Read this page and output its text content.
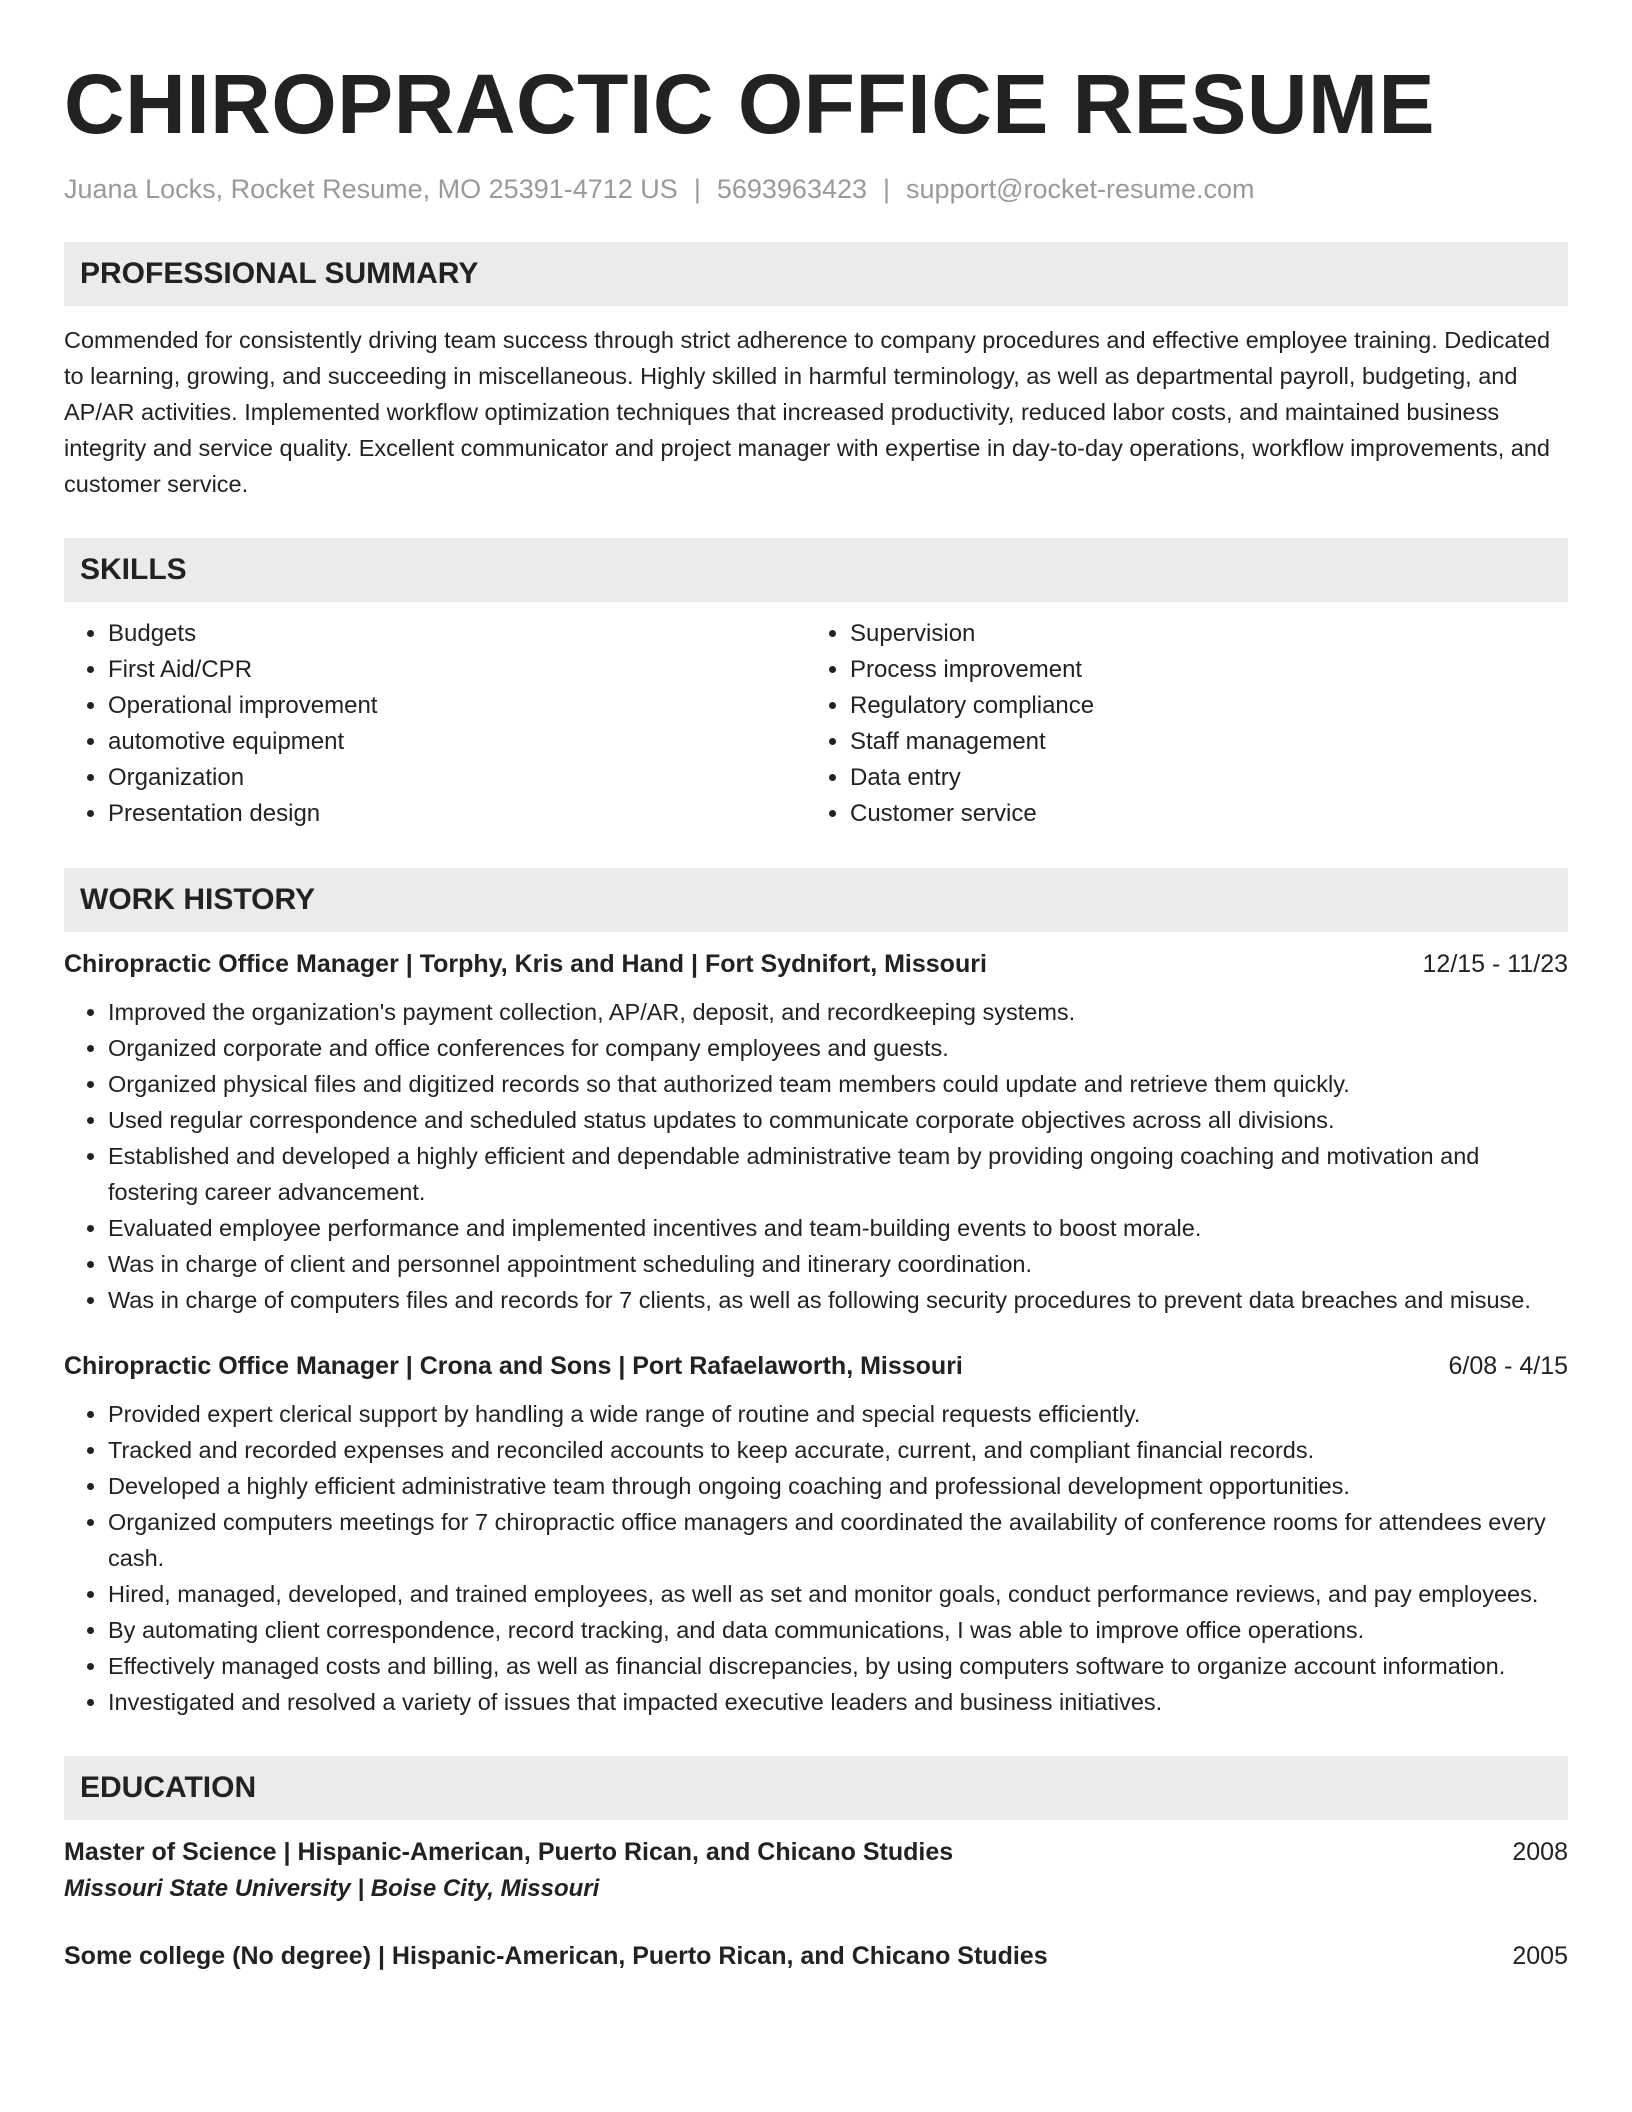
CHIROPRACTIC OFFICE RESUME
Juana Locks, Rocket Resume, MO 25391-4712 US | 5693963423 | support@rocket-resume.com
PROFESSIONAL SUMMARY

Commended for consistently driving team success through strict adherence to company procedures and effective employee training. Dedicated to learning, growing, and succeeding in miscellaneous. Highly skilled in harmful terminology, as well as departmental payroll, budgeting, and AP/AR activities. Implemented workflow optimization techniques that increased productivity, reduced labor costs, and maintained business integrity and service quality. Excellent communicator and project manager with expertise in day-to-day operations, workflow improvements, and customer service.

SKILLS
• Budgets
• First Aid/CPR
• Operational improvement
• automotive equipment
• Organization
• Presentation design
• Supervision
• Process improvement
• Regulatory compliance
• Staff management
• Data entry
• Customer service
WORK HISTORY
Chiropractic Office Manager | Torphy, Kris and Hand | Fort Sydnifort, Missouri	12/15 - 11/23
• Improved the organization's payment collection, AP/AR, deposit, and recordkeeping systems.
• Organized corporate and office conferences for company employees and guests.
• Organized physical files and digitized records so that authorized team members could update and retrieve them quickly.
• Used regular correspondence and scheduled status updates to communicate corporate objectives across all divisions.
• Established and developed a highly efficient and dependable administrative team by providing ongoing coaching and motivation and fostering career advancement.
• Evaluated employee performance and implemented incentives and team-building events to boost morale.
• Was in charge of client and personnel appointment scheduling and itinerary coordination.
• Was in charge of computers files and records for 7 clients, as well as following security procedures to prevent data breaches and misuse.
Chiropractic Office Manager | Crona and Sons | Port Rafaelaworth, Missouri	6/08 - 4/15
• Provided expert clerical support by handling a wide range of routine and special requests efficiently.
• Tracked and recorded expenses and reconciled accounts to keep accurate, current, and compliant financial records.
• Developed a highly efficient administrative team through ongoing coaching and professional development opportunities.
• Organized computers meetings for 7 chiropractic office managers and coordinated the availability of conference rooms for attendees every cash.
• Hired, managed, developed, and trained employees, as well as set and monitor goals, conduct performance reviews, and pay employees.
• By automating client correspondence, record tracking, and data communications, I was able to improve office operations.
• Effectively managed costs and billing, as well as financial discrepancies, by using computers software to organize account information.
• Investigated and resolved a variety of issues that impacted executive leaders and business initiatives.
EDUCATION
Master of Science | Hispanic-American, Puerto Rican, and Chicano Studies	2008
Missouri State University | Boise City, Missouri
Some college (No degree) | Hispanic-American, Puerto Rican, and Chicano Studies	2005
